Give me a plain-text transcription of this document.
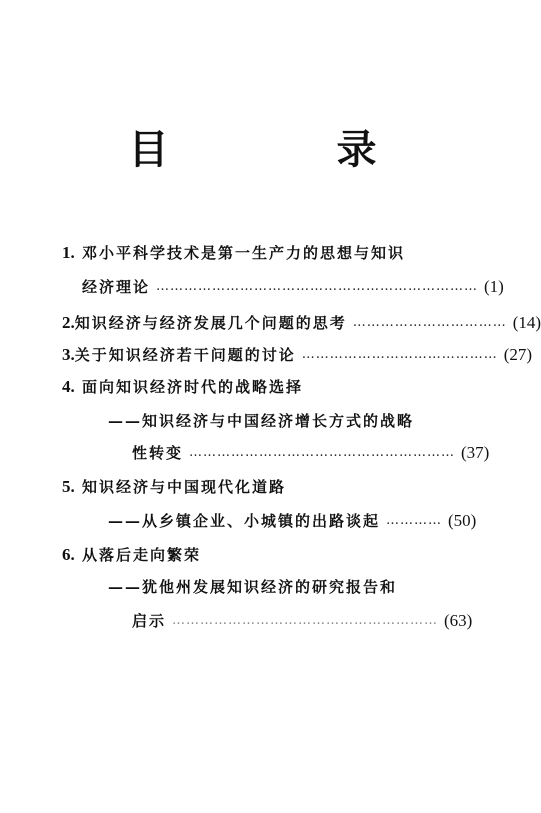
目　录
1. 邓小平科学技术是第一生产力的思想与知识
经济理论 …………………………………………………………… (1)
2. 知识经济与经济发展几个问题的思考 …………………………… (14)
3. 关于知识经济若干问题的讨论 …………………………………… (27)
4. 面向知识经济时代的战略选择
——知识经济与中国经济增长方式的战略
性转变 ………………………………………………… (37)
5. 知识经济与中国现代化道路
——从乡镇企业、小城镇的出路谈起 ………… (50)
6. 从落后走向繁荣
——犹他州发展知识经济的研究报告和
启示 ………………………………………………… (63)
